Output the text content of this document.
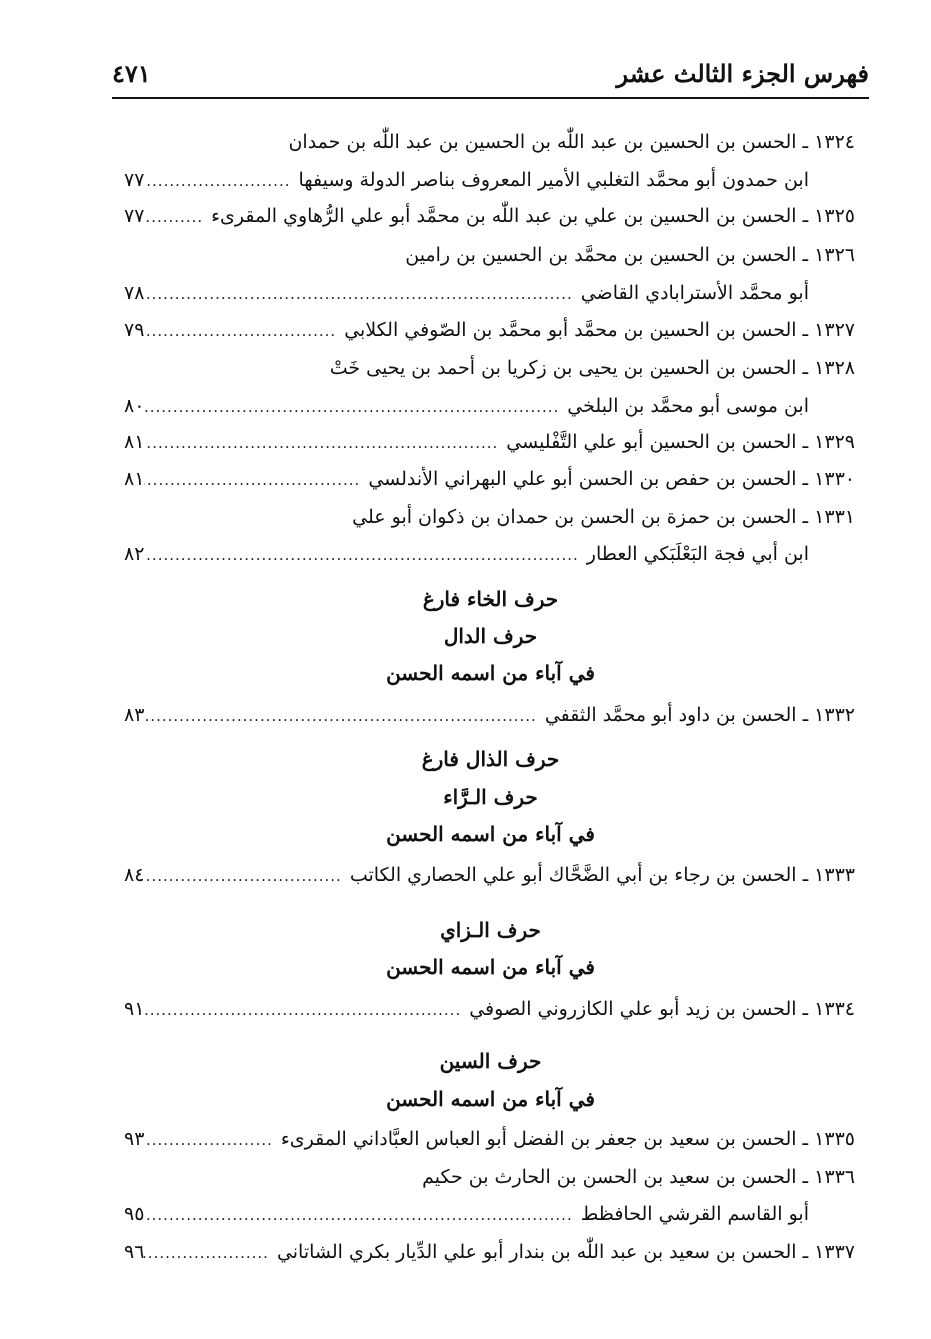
فهرس الجزء الثالث عشر
٤٧١
١٣٢٤ ـ الحسن بن الحسين بن عبد اللّٰه بن الحسين بن عبد اللّٰه بن حمدان
ابن حمدون أبو محمَّد التغلبي الأمير المعروف بناصر الدولة وسيفها
.....
٧٧
١٣٢٥ ـ الحسن بن الحسين بن علي بن عبد اللّٰه بن محمَّد أبو علي الرُّهاوي المقرىء
.....
٧٧
١٣٢٦ ـ الحسن بن الحسين بن محمَّد بن الحسين بن رامين
أبو محمَّد الأسترابادي القاضي
.....
٧٨
١٣٢٧ ـ الحسن بن الحسين بن محمَّد أبو محمَّد بن الصّوفي الكلابي
.....
٧٩
١٣٢٨ ـ الحسن بن الحسين بن يحيى بن زكريا بن أحمد بن يحيى خَتْ
ابن موسى أبو محمَّد بن البلخي
.....
٨٠
١٣٢٩ ـ الحسن بن الحسين أبو علي التَّفْليسي
.....
٨١
١٣٣٠ ـ الحسن بن حفص بن الحسن أبو علي البهراني الأندلسي
.....
٨١
١٣٣١ ـ الحسن بن حمزة بن الحسن بن حمدان بن ذكوان أبو علي
ابن أبي فجة البَعْلَبَكي العطار
.....
٨٢
حرف الخاء فارغ
حرف الدال
في آباء من اسمه الحسن
١٣٣٢ ـ الحسن بن داود أبو محمَّد الثقفي
.....
٨٣
حرف الذال فارغ
حرف الـرَّاء
في آباء من اسمه الحسن
١٣٣٣ ـ الحسن بن رجاء بن أبي الضَّحَّاك أبو علي الحصاري الكاتب
.....
٨٤
حرف الـزاي
في آباء من اسمه الحسن
١٣٣٤ ـ الحسن بن زيد أبو علي الكازروني الصوفي
.....
٩١
حرف السين
في آباء من اسمه الحسن
١٣٣٥ ـ الحسن بن سعيد بن جعفر بن الفضل أبو العباس العبَّاداني المقرىء
.....
٩٣
١٣٣٦ ـ الحسن بن سعيد بن الحسن بن الحارث بن حكيم
أبو القاسم القرشي الحافظط
.....
٩٥
١٣٣٧ ـ الحسن بن سعيد بن عبد اللّٰه بن بندار أبو علي الدِّيار بكري الشاتاني
.....
٩٦
